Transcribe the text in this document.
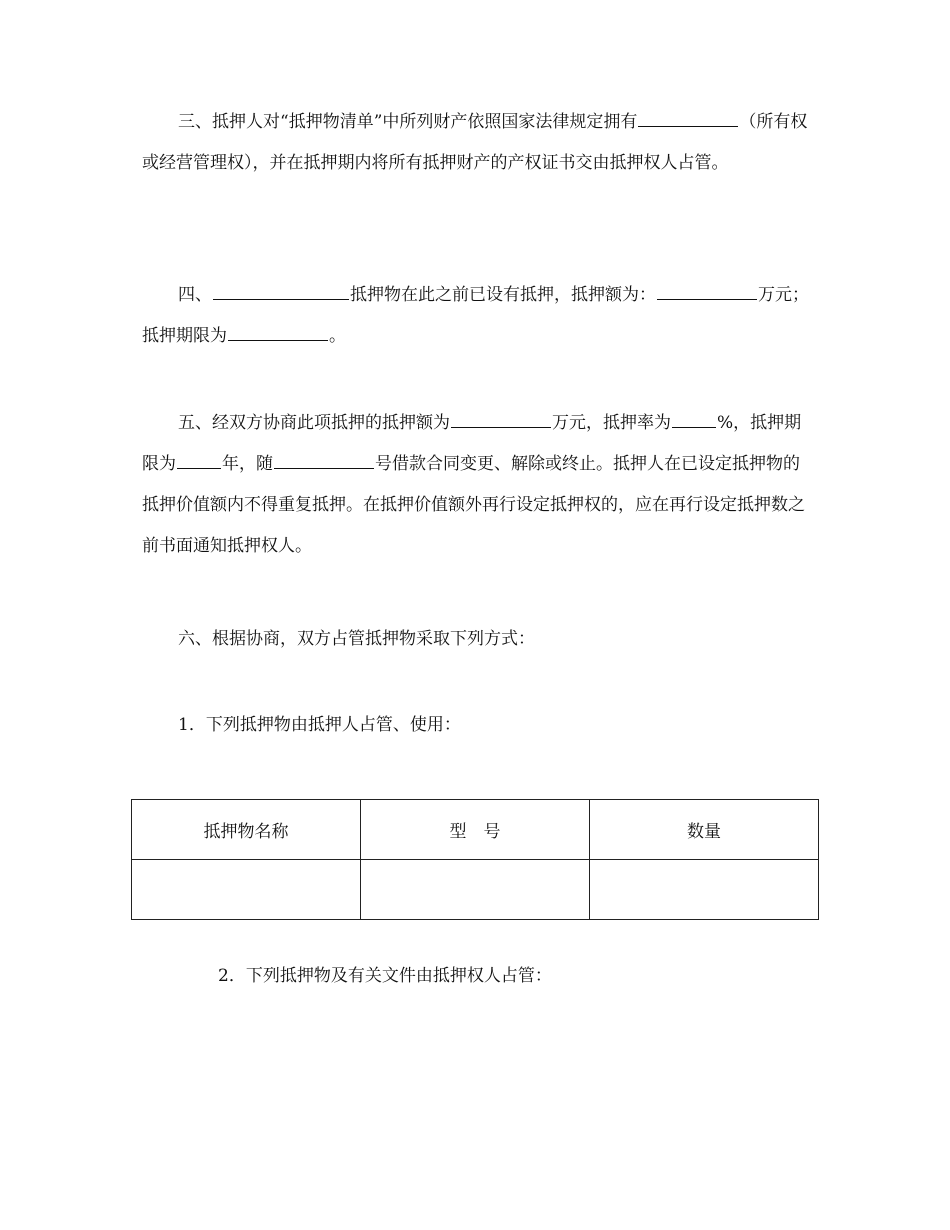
三、抵押人对“抵押物清单”中所列财产依照国家法律规定拥有	（所有权或经营管理权），并在抵押期内将所有抵押财产的产权证书交由抵押权人占管。

四、	抵押物在此之前已设有抵押，抵押额为：	万元；抵押期限为	。

五、经双方协商此项抵押的抵押额为	万元，抵押率为	%，抵押期限为	年，随	号借款合同变更、解除或终止。抵押人在已设定抵押物的抵押价值额内不得重复抵押。在抵押价值额外再行设定抵押权的，应在再行设定抵押数之前书面通知抵押权人。

六、根据协商，双方占管抵押物采取下列方式：

1．下列抵押物由抵押人占管、使用：

抵押物名称	型　号	数量

2．下列抵押物及有关文件由抵押权人占管：
